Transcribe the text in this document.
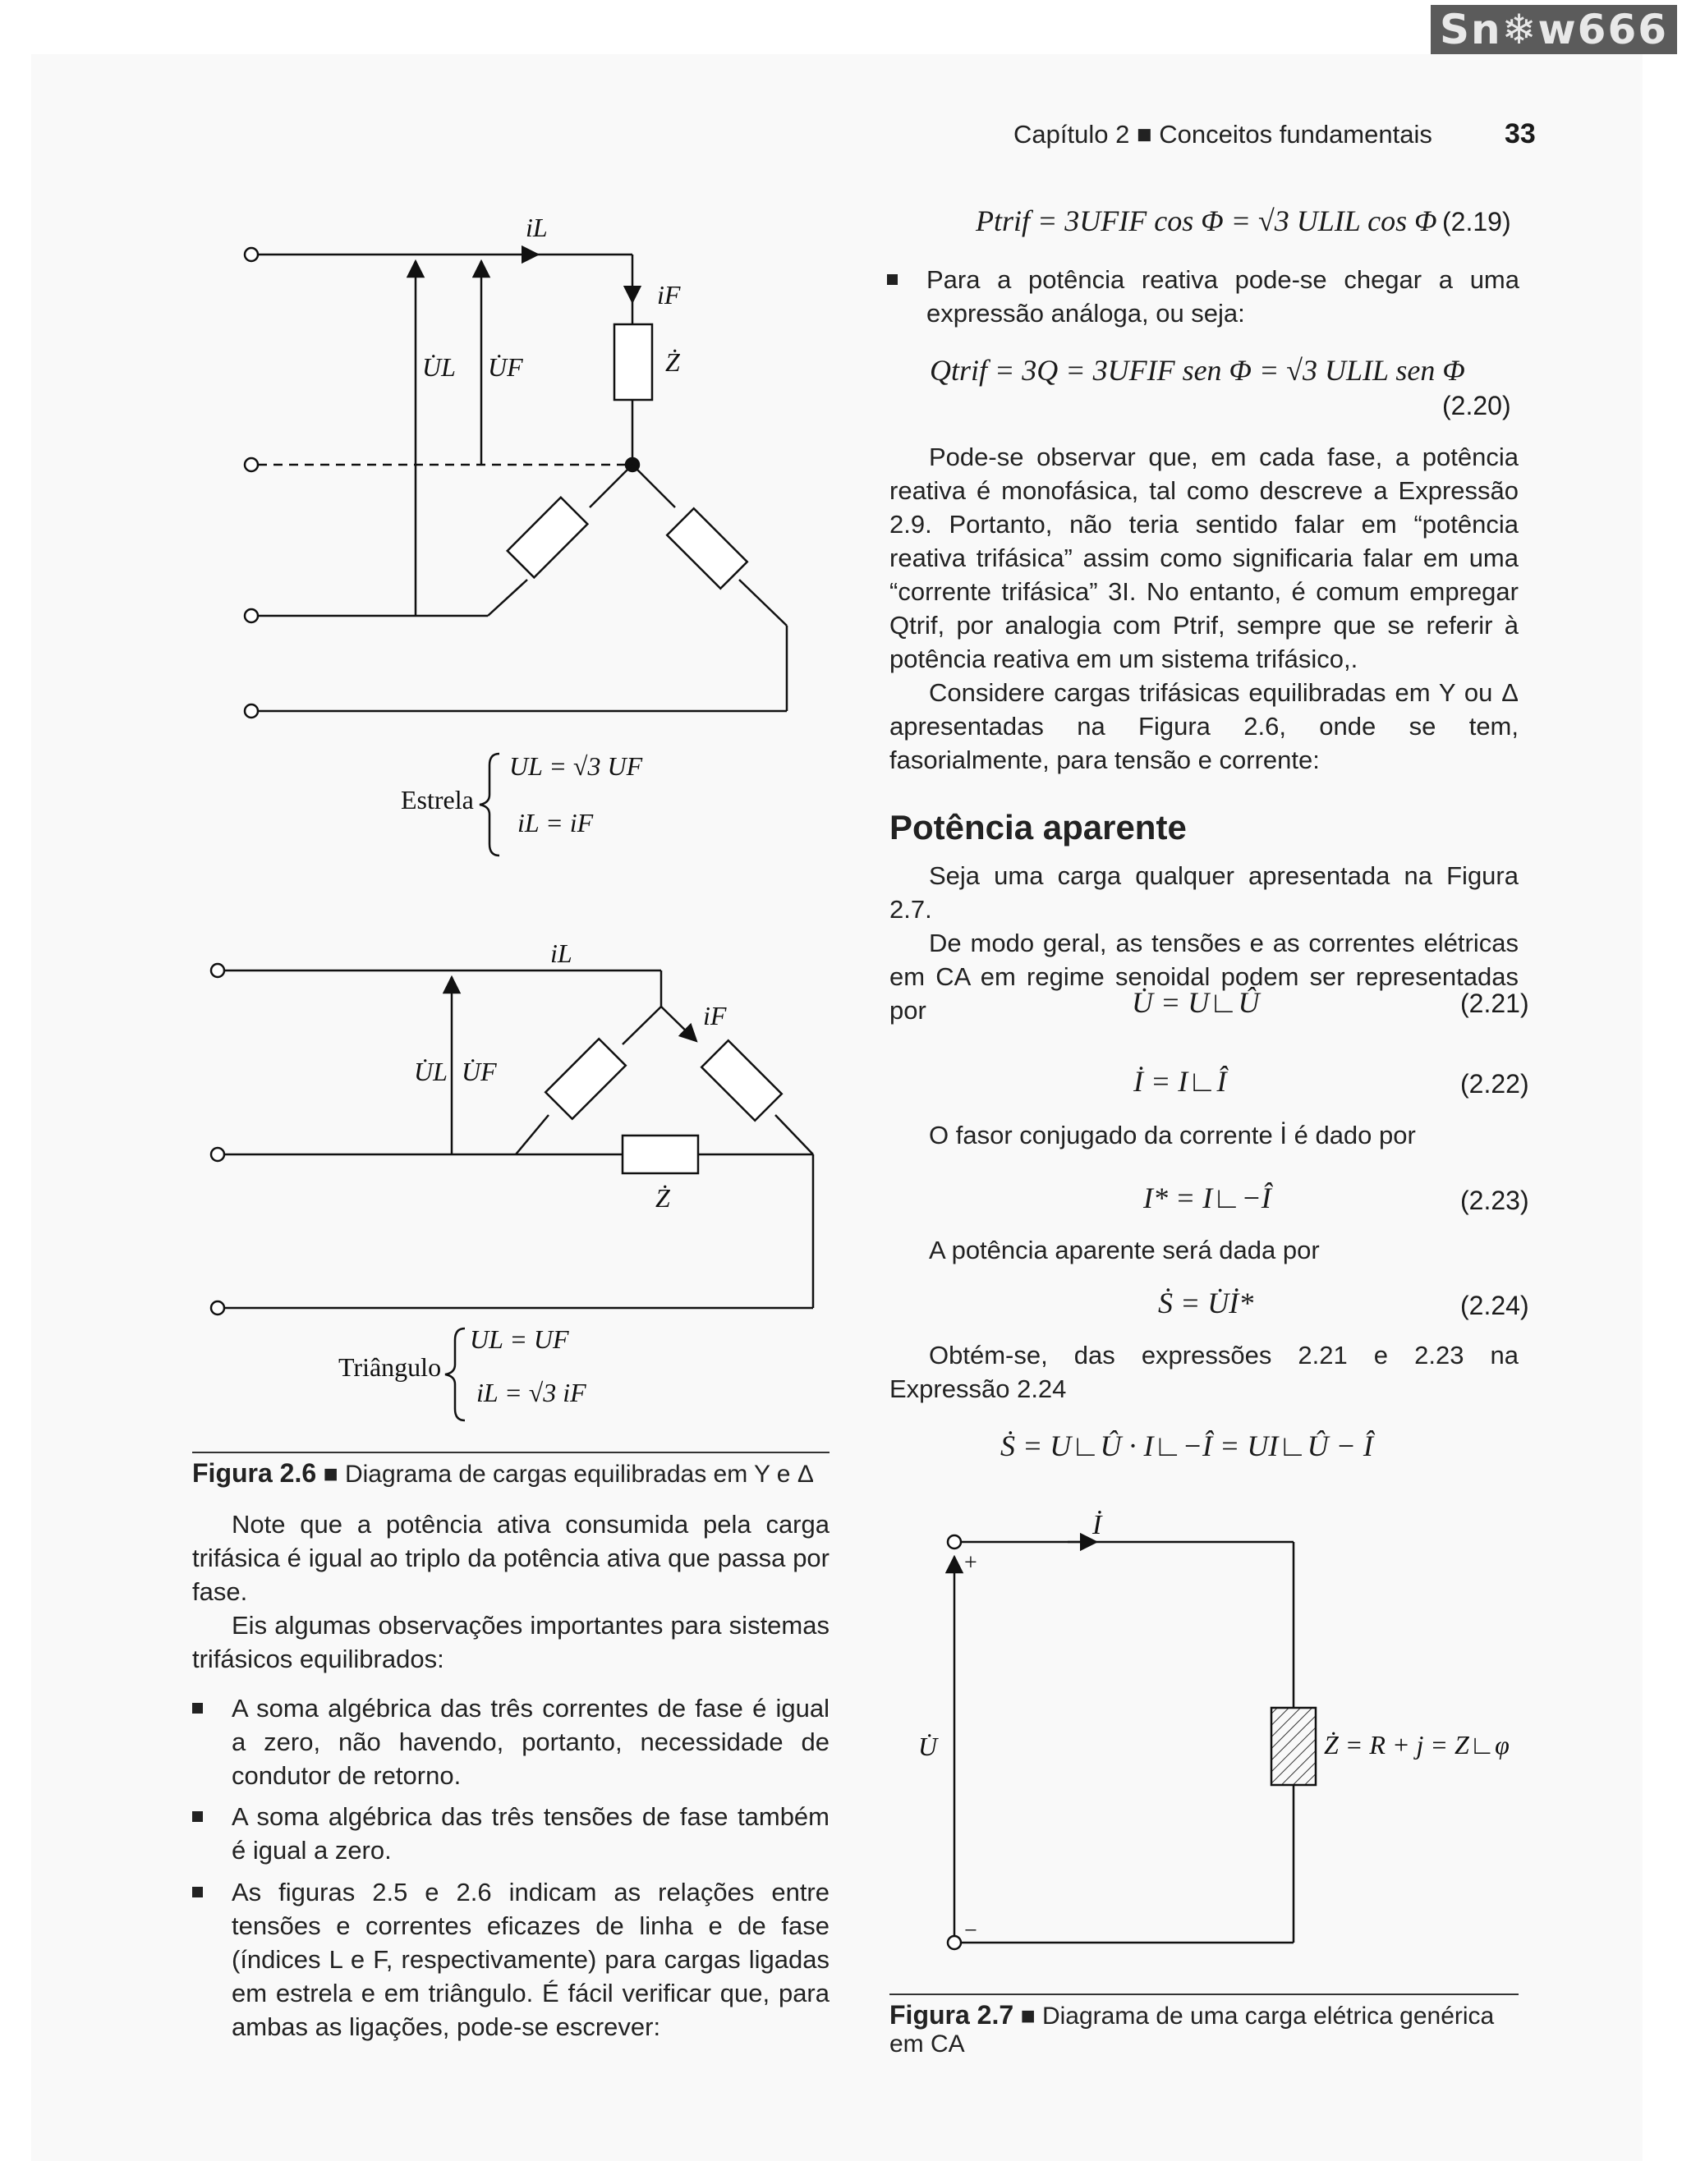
Sn❄w666
Capítulo 2 ■ Conceitos fundamentais	33
iL
iF
U̇L U̇F	Ż
Estrela
UL = √3 UF
iL = iF
iL
iF
U̇L U̇F
Ż
Triângulo
UL = UF
iL = √3 iF
İ
+
−
U̇	Ż = R + j = Z∟φ
Figura 2.6 ■ Diagrama de cargas equilibradas em Y e Δ

Note que a potência ativa consumida pela carga trifásica é igual ao triplo da potência ativa que passa por fase.

Eis algumas observações importantes para sistemas trifásicos equilibrados:

A soma algébrica das três correntes de fase é igual a zero, não havendo, portanto, necessidade de condutor de retorno.
A soma algébrica das três tensões de fase também é igual a zero.
As figuras 2.5 e 2.6 indicam as relações entre tensões e correntes eficazes de linha e de fase (índices L e F, respectivamente) para cargas ligadas em estrela e em triângulo. É fácil verificar que, para ambas as ligações, pode-se escrever:
Ptrif = 3UFIF cos Φ = √3 ULIL cos Φ (2.19)
Para a potência reativa pode-se chegar a uma expressão análoga, ou seja:
Qtrif = 3Q = 3UFIF sen Φ = √3 ULIL sen Φ
(2.20)

Pode-se observar que, em cada fase, a potência reativa é monofásica, tal como descreve a Expressão 2.9. Portanto, não teria sentido falar em “potência reativa trifásica” assim como significaria falar em uma “corrente trifásica” 3I. No entanto, é comum empregar Qtrif, por analogia com Ptrif, sempre que se referir à potência reativa em um sistema trifásico,.

Considere cargas trifásicas equilibradas em Y ou Δ apresentadas na Figura 2.6, onde se tem, fasorialmente, para tensão e corrente:

Potência aparente

Seja uma carga qualquer apresentada na Figura 2.7.

De modo geral, as tensões e as correntes elétricas em CA em regime senoidal podem ser representadas por	U̇ = U∟Û	(2.21)
İ = I∟Î	(2.22)

O fasor conjugado da corrente İ é dado por

I* = I∟−Î	(2.23)

A potência aparente será dada por

Ṡ = U̇İ*	(2.24)

Obtém-se, das expressões 2.21 e 2.23 na Expressão 2.24

Ṡ = U∟Û · I∟−Î = UI∟Û − Î
Figura 2.7 ■ Diagrama de uma carga elétrica genérica em CA
